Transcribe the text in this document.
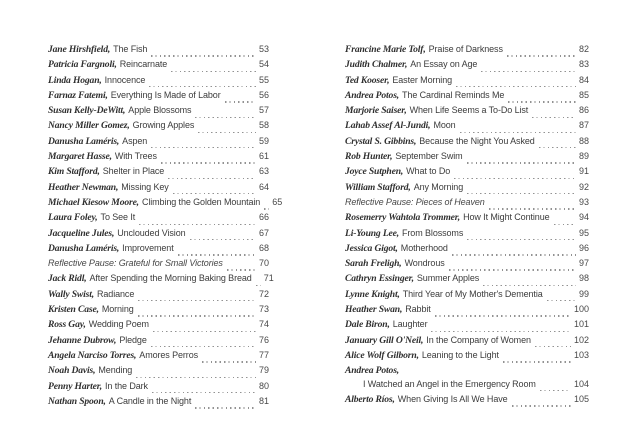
Jane Hirshfield, The Fish	53
Patricia Fargnoli, Reincarnate	54
Linda Hogan, Innocence	55
Farnaz Fatemi, Everything Is Made of Labor	56
Susan Kelly-DeWitt, Apple Blossoms	57
Nancy Miller Gomez, Growing Apples	58
Danusha Laméris, Aspen	59
Margaret Hasse, With Trees	61
Kim Stafford, Shelter in Place	63
Heather Newman, Missing Key	64
Michael Kiesow Moore, Climbing the Golden Mountain 65
Laura Foley, To See It	66
Jacqueline Jules, Unclouded Vision	67
Danusha Laméris, Improvement	68
Reflective Pause: Grateful for Small Victories	70
Jack Ridl, After Spending the Morning Baking Bread 71
Wally Swist, Radiance	72
Kristen Case, Morning	73
Ross Gay, Wedding Poem	74
Jehanne Dubrow, Pledge	76
Angela Narciso Torres, Amores Perros	77
Noah Davis, Mending	79
Penny Harter, In the Dark	80
Nathan Spoon, A Candle in the Night	81
Francine Marie Tolf, Praise of Darkness	82
Judith Chalmer, An Essay on Age	83
Ted Kooser, Easter Morning	84
Andrea Potos, The Cardinal Reminds Me	85
Marjorie Saiser, When Life Seems a To-Do List	86
Lahab Assef Al-Jundi, Moon	87
Crystal S. Gibbins, Because the Night You Asked	88
Rob Hunter, September Swim	89
Joyce Sutphen, What to Do	91
William Stafford, Any Morning	92
Reflective Pause: Pieces of Heaven	93
Rosemerry Wahtola Trommer, How It Might Continue	94
Li-Young Lee, From Blossoms	95
Jessica Gigot, Motherhood	96
Sarah Freligh, Wondrous	97
Cathryn Essinger, Summer Apples	98
Lynne Knight, Third Year of My Mother's Dementia	99
Heather Swan, Rabbit	100
Dale Biron, Laughter	101
January Gill O'Neil, In the Company of Women	102
Alice Wolf Gilborn, Leaning to the Light	103
Andrea Potos,
I Watched an Angel in the Emergency Room	104
Alberto Ríos, When Giving Is All We Have	105
